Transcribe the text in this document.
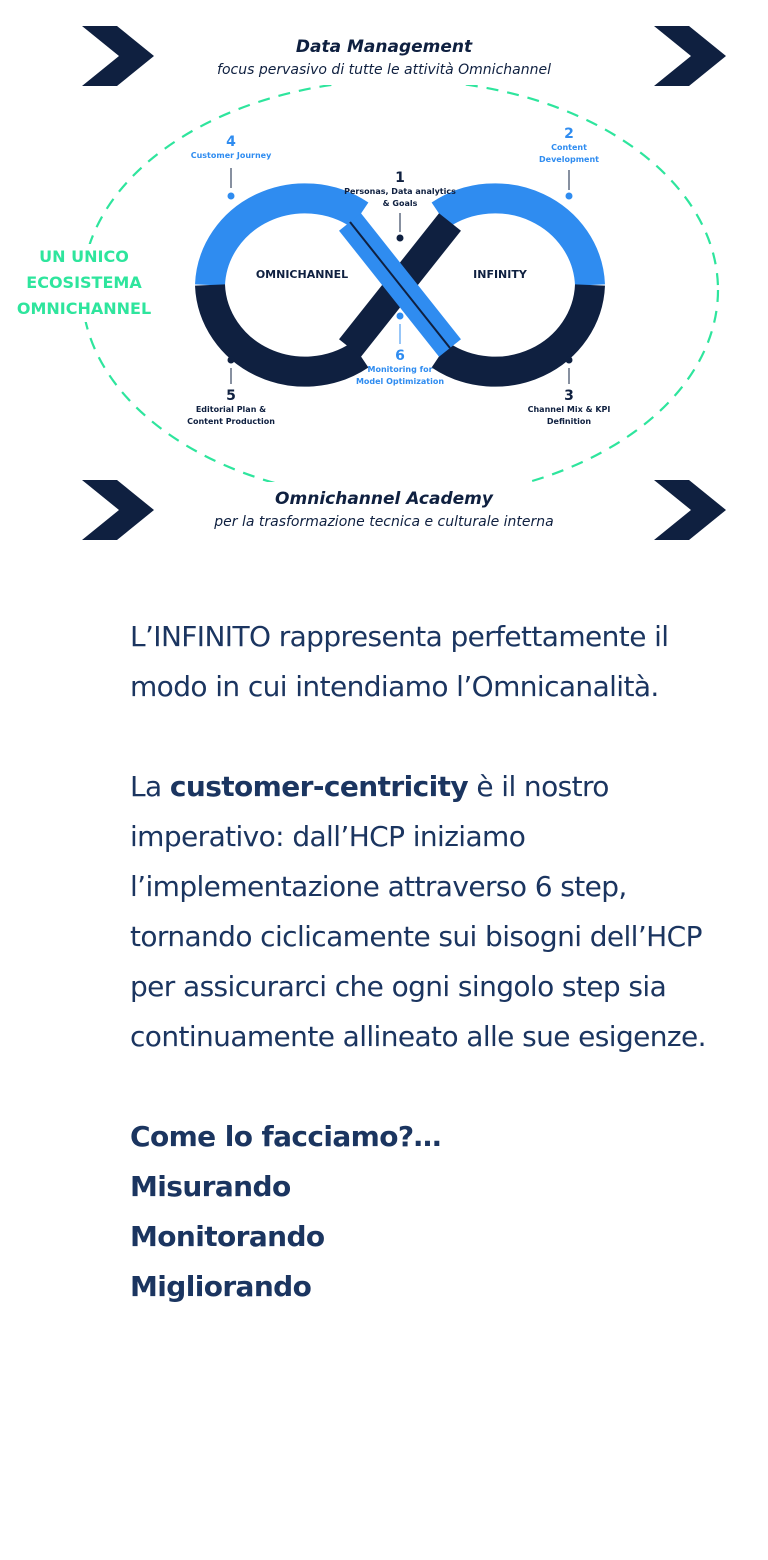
Data Management
focus pervasivo di tutte le attività Omnichannel
Omnichannel Academy
per la trasformazione tecnica e culturale interna
UN UNICO
ECOSISTEMA
OMNICHANNEL
OMNICHANNEL	INFINITY
1
Personas, Data analytics
& Goals
2
Content
Development
3
Channel Mix & KPI
Definition
4
Customer Journey
5
Editorial Plan &
Content Production
6
Monitoring for
Model Optimization

L’INFINITO rappresenta perfettamente il modo in cui intendiamo l’Omnicanalità.

La customer-centricity è il nostro imperativo: dall’HCP iniziamo l’implementazione attraverso 6 step, tornando ciclicamente sui bisogni dell’HCP per assicurarci che ogni singolo step sia continuamente allineato alle sue esigenze.

Come lo facciamo?…
Misurando
Monitorando
Migliorando
